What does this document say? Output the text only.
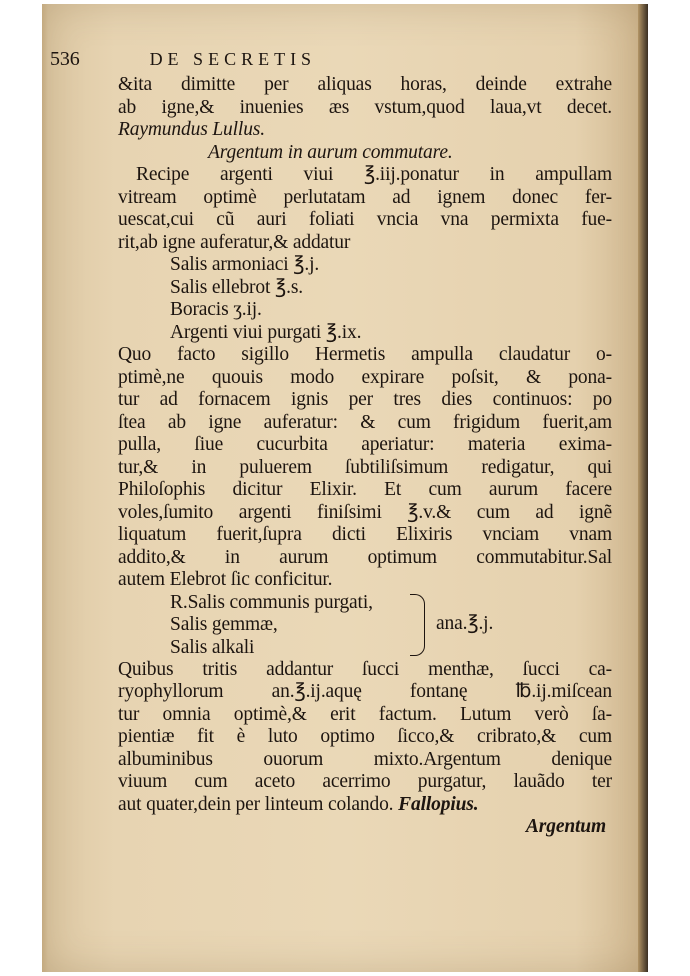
536	DE SECRETIS
&ita dimitte per aliquas horas, deinde extrahe
ab igne,& inuenies æs vstum,quod laua,vt decet.
Raymundus Lullus.
Argentum in aurum commutare.
Recipe argenti viui ℥.iij.ponatur in ampullam
vitream optimè perlutatam ad ignem donec fer-
uescat,cui cũ auri foliati vncia vna permixta fue-
rit,ab igne auferatur,& addatur
Salis armoniaci ℥.j.
Salis ellebrot ℥.s.
Boracis ʒ.ij.
Argenti viui purgati ℥.ix.
Quo facto sigillo Hermetis ampulla claudatur o-
ptimè,ne quouis modo expirare poſsit, & pona-
tur ad fornacem ignis per tres dies continuos: po
ſtea ab igne auferatur: & cum frigidum fuerit,am
pulla, ſiue cucurbita aperiatur: materia exima-
tur,& in puluerem ſubtiliſsimum redigatur, qui
Philoſophis dicitur Elixir. Et cum aurum facere
voles,ſumito argenti finiſsimi ℥.v.& cum ad ignẽ
liquatum fuerit,ſupra dicti Elixiris vnciam vnam
addito,& in aurum optimum commutabitur.Sal
autem Elebrot ſic conficitur.
R.Salis communis purgati,
Salis gemmæ,
Salis alkali
ana.℥.j.
Quibus tritis addantur ſucci menthæ, ſucci ca-
ryophyllorum an.℥.ij.aquę fontanę ℔.ij.miſcean
tur omnia optimè,& erit factum. Lutum verò ſa-
pientiæ fit è luto optimo ſicco,& cribrato,& cum
albuminibus ouorum mixto.Argentum denique
viuum cum aceto acerrimo purgatur, lauãdo ter
aut quater,dein per linteum colando. Fallopius.
Argentum
